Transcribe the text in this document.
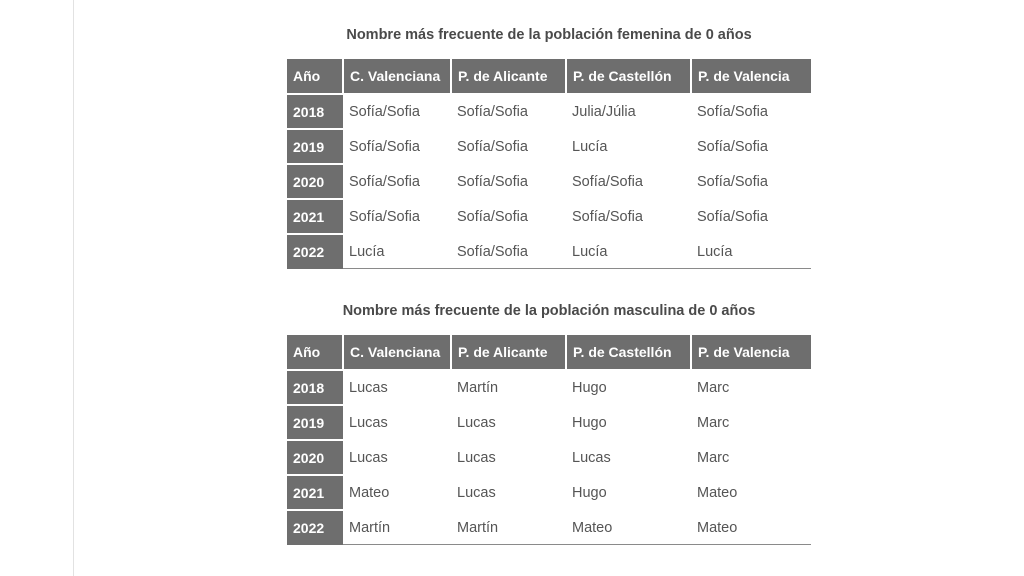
Nombre más frecuente de la población femenina de 0 años
Año	C. Valenciana	P. de Alicante	P. de Castellón	P. de Valencia
2018	Sofía/Sofia	Sofía/Sofia	Julia/Júlia	Sofía/Sofia
2019	Sofía/Sofia	Sofía/Sofia	Lucía	Sofía/Sofia
2020	Sofía/Sofia	Sofía/Sofia	Sofía/Sofia	Sofía/Sofia
2021	Sofía/Sofia	Sofía/Sofia	Sofía/Sofia	Sofía/Sofia
2022	Lucía	Sofía/Sofia	Lucía	Lucía
Nombre más frecuente de la población masculina de 0 años
Año	C. Valenciana	P. de Alicante	P. de Castellón	P. de Valencia
2018	Lucas	Martín	Hugo	Marc
2019	Lucas	Lucas	Hugo	Marc
2020	Lucas	Lucas	Lucas	Marc
2021	Mateo	Lucas	Hugo	Mateo
2022	Martín	Martín	Mateo	Mateo
